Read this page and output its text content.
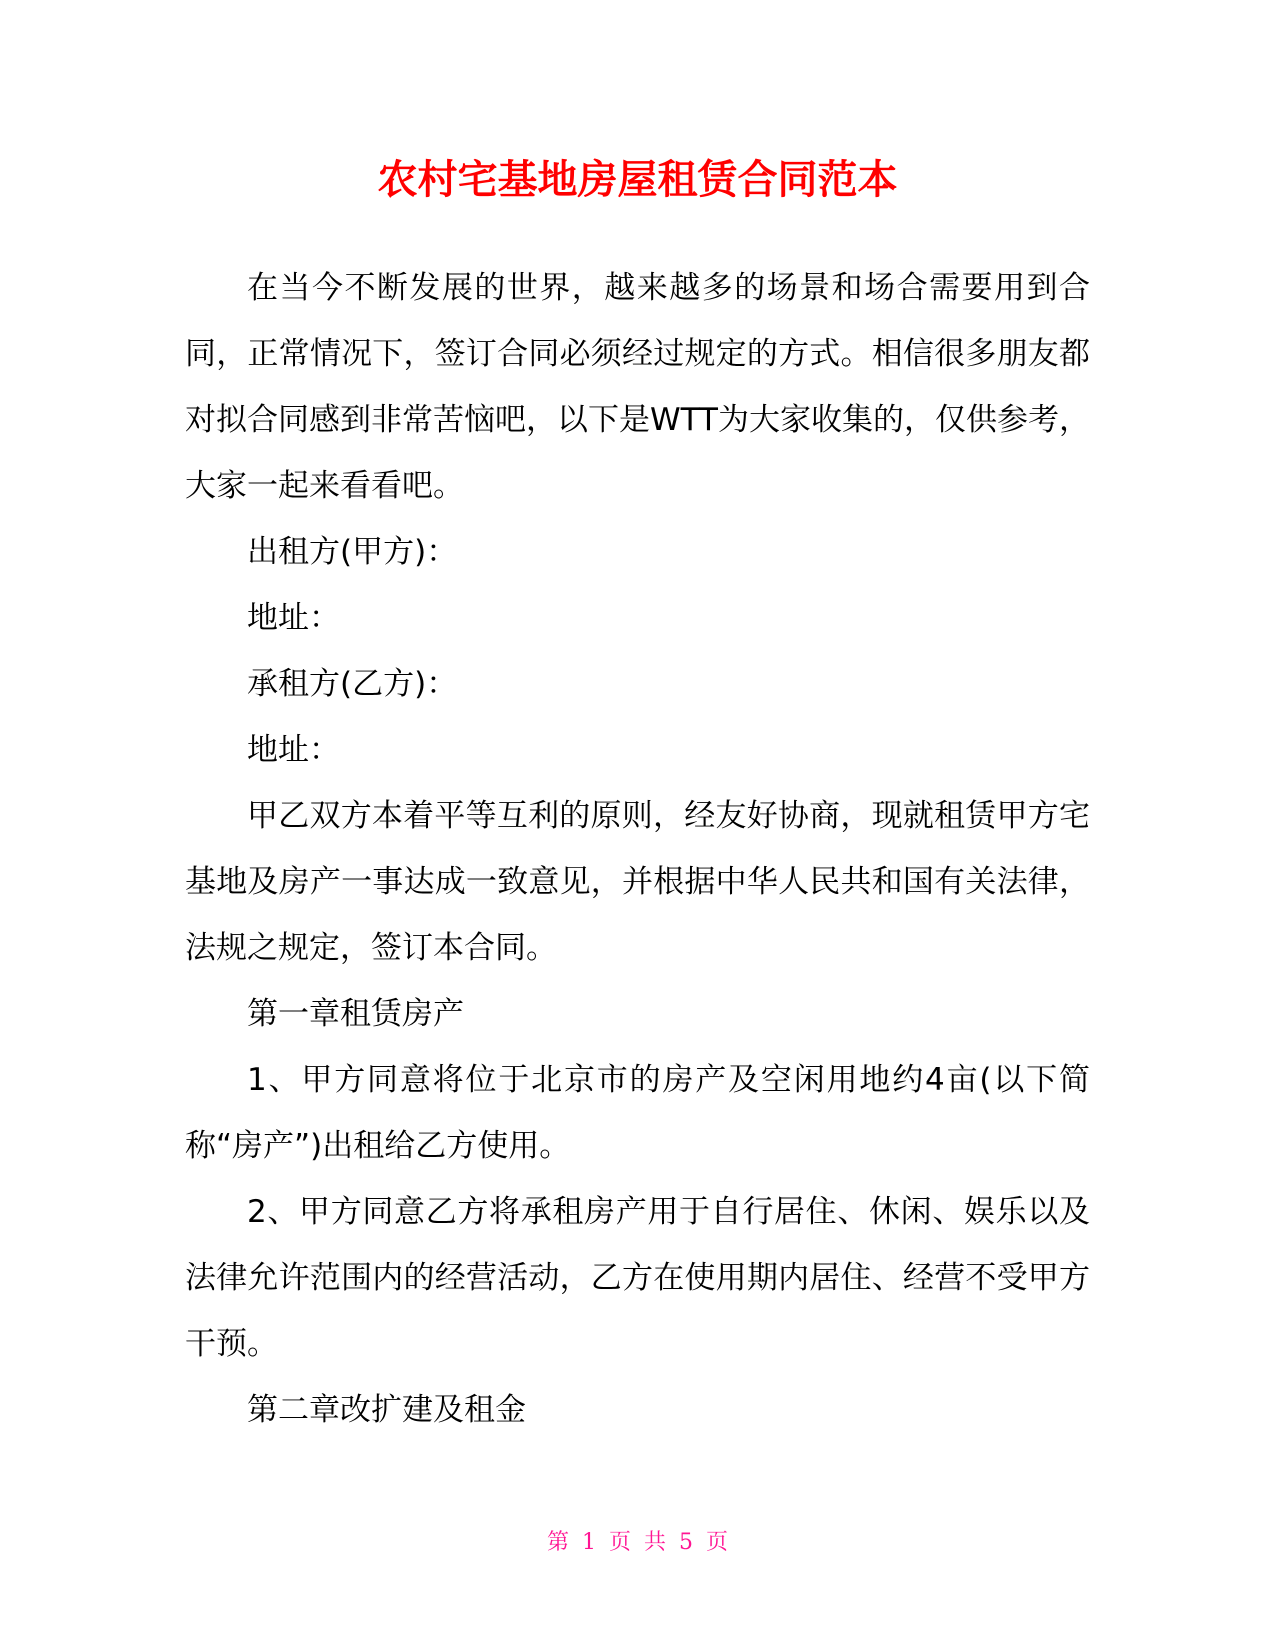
农村宅基地房屋租赁合同范本

在当今不断发展的世界，越来越多的场景和场合需要用到合同，正常情况下，签订合同必须经过规定的方式。相信很多朋友都对拟合同感到非常苦恼吧，以下是WTT为大家收集的，仅供参考，大家一起来看看吧。

出租方(甲方)：

地址：

承租方(乙方)：

地址：

甲乙双方本着平等互利的原则，经友好协商，现就租赁甲方宅基地及房产一事达成一致意见，并根据中华人民共和国有关法律，法规之规定，签订本合同。

第一章租赁房产

1、甲方同意将位于北京市的房产及空闲用地约4亩(以下简称“房产”)出租给乙方使用。

2、甲方同意乙方将承租房产用于自行居住、休闲、娱乐以及法律允许范围内的经营活动，乙方在使用期内居住、经营不受甲方干预。

第二章改扩建及租金

第 1 页 共 5 页
